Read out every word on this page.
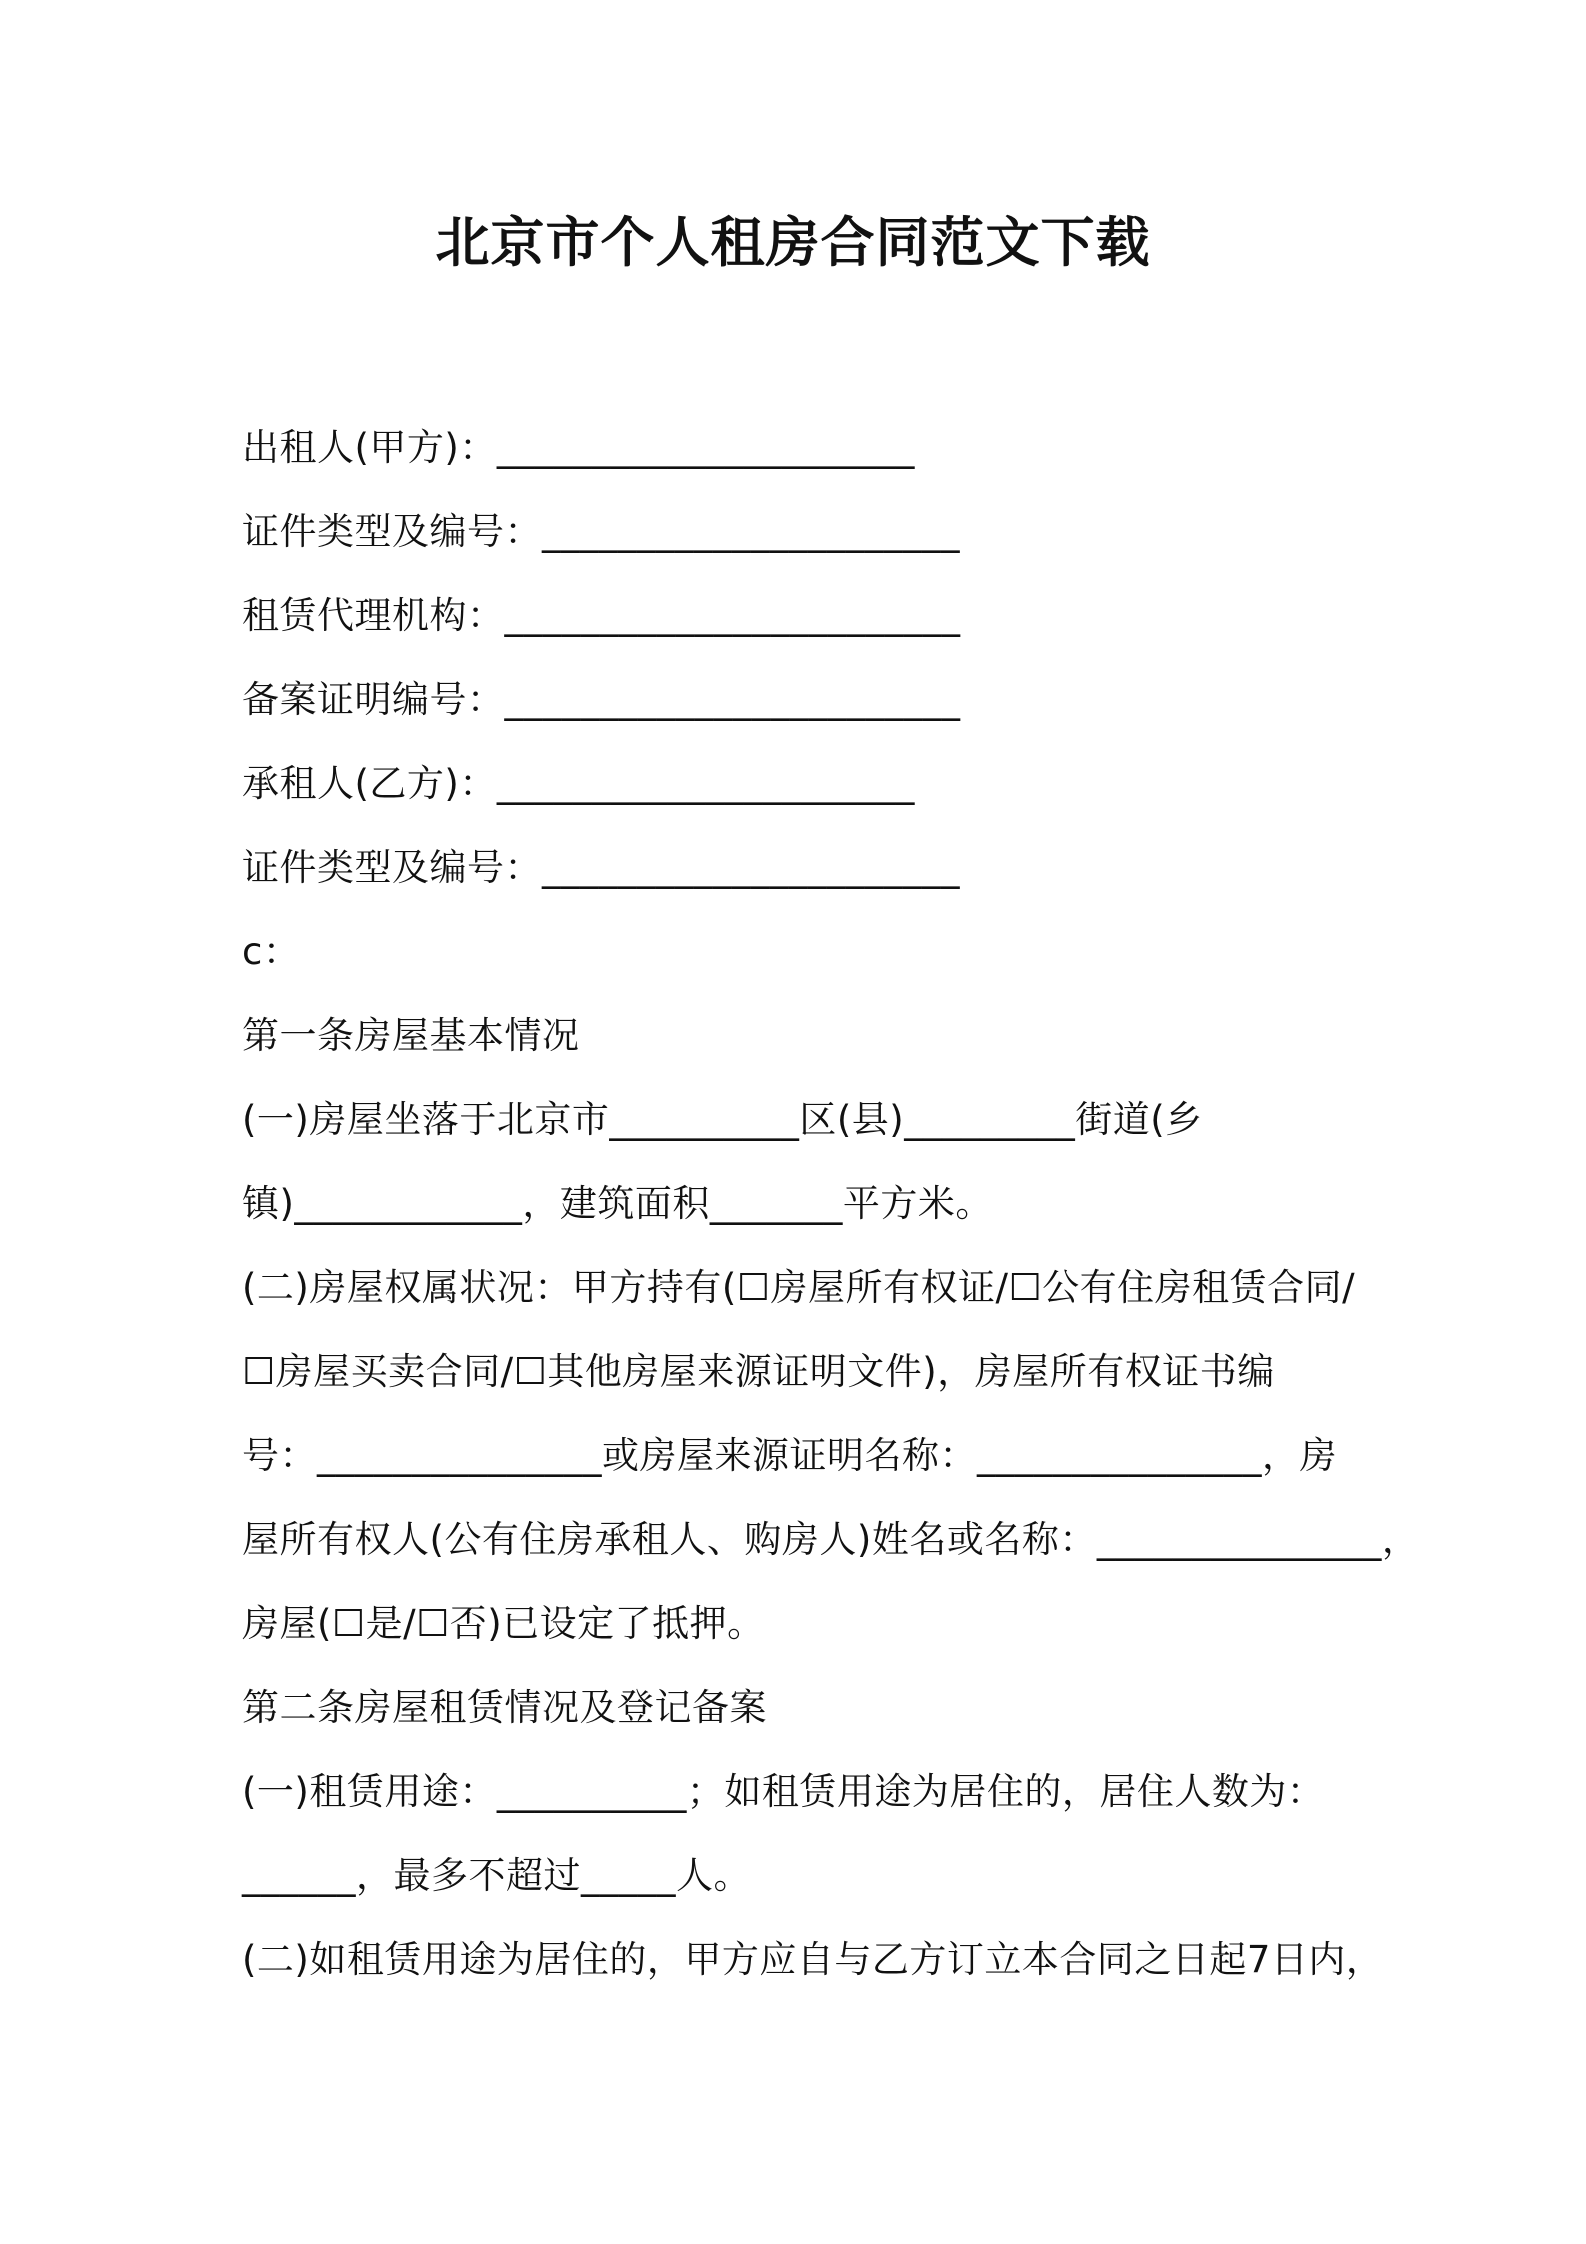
北京市个人租房合同范文下载
出租人(甲方)：______________________
证件类型及编号：______________________
租赁代理机构：________________________
备案证明编号：________________________
承租人(乙方)：______________________
证件类型及编号：______________________
c：
第一条房屋基本情况
(一)房屋坐落于北京市__________区(县)_________街道(乡
镇)____________，建筑面积_______平方米。
(二)房屋权属状况：甲方持有(☐房屋所有权证/☐公有住房租赁合同/
☐房屋买卖合同/☐其他房屋来源证明文件)，房屋所有权证书编
号：_______________或房屋来源证明名称：_______________，房
屋所有权人(公有住房承租人、购房人)姓名或名称：_______________，
房屋(☐是/☐否)已设定了抵押。
第二条房屋租赁情况及登记备案
(一)租赁用途：__________；如租赁用途为居住的，居住人数为：
______，最多不超过_____人。
(二)如租赁用途为居住的，甲方应自与乙方订立本合同之日起7日内，
